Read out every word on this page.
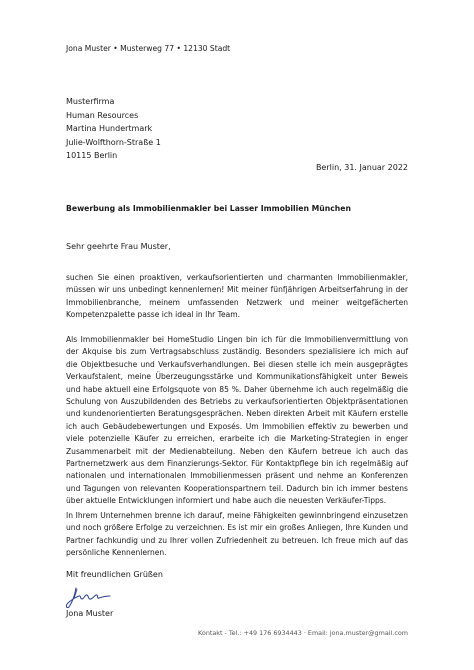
Jona Muster • Musterweg 77 • 12130 Stadt
Musterfirma
Human Resources
Martina Hundertmark
Julie-Wolfthorn-Straße 1
10115 Berlin
Berlin, 31. Januar 2022
Bewerbung als Immobilienmakler bei Lasser Immobilien München
Sehr geehrte Frau Muster,
suchen Sie einen proaktiven, verkaufsorientierten und charmanten Immobilienmakler, müssen wir uns unbedingt kennenlernen! Mit meiner fünfjährigen Arbeitserfahrung in der Immobilienbranche, meinem umfassenden Netzwerk und meiner weitgefächerten Kompetenzpalette passe ich ideal in Ihr Team.
Als Immobilienmakler bei HomeStudio Lingen bin ich für die Immobilienvermittlung von der Akquise bis zum Vertragsabschluss zuständig. Besonders spezialisiere ich mich auf die Objektbesuche und Verkaufsverhandlungen. Bei diesen stelle ich mein ausgeprägtes Verkaufstalent, meine Überzeugungsstärke und Kommunikationsfähigkeit unter Beweis und habe aktuell eine Erfolgsquote von 85 %. Daher übernehme ich auch regelmäßig die Schulung von Auszubildenden des Betriebs zu verkaufsorientierten Objektpräsentationen und kundenorientierten Beratungsgesprächen. Neben direkten Arbeit mit Käufern erstelle ich auch Gebäudebewertungen und Exposés. Um Immobilien effektiv zu bewerben und viele potenzielle Käufer zu erreichen, erarbeite ich die Marketing-Strategien in enger Zusammenarbeit mit der Medienabteilung. Neben den Käufern betreue ich auch das Partnernetzwerk aus dem Finanzierungs-Sektor. Für Kontaktpflege bin ich regelmäßig auf nationalen und internationalen Immobilienmessen präsent und nehme an Konferenzen und Tagungen von relevanten Kooperationspartnern teil. Dadurch bin ich immer bestens über aktuelle Entwicklungen informiert und habe auch die neuesten Verkäufer-Tipps.
In Ihrem Unternehmen brenne ich darauf, meine Fähigkeiten gewinnbringend einzusetzen und noch größere Erfolge zu verzeichnen. Es ist mir ein großes Anliegen, Ihre Kunden und Partner fachkundig und zu Ihrer vollen Zufriedenheit zu betreuen. Ich freue mich auf das persönliche Kennenlernen.
Mit freundlichen Grüßen
Jona Muster
Kontakt - Tel.: +49 176 6934443 · Email: jona.muster@gmail.com
